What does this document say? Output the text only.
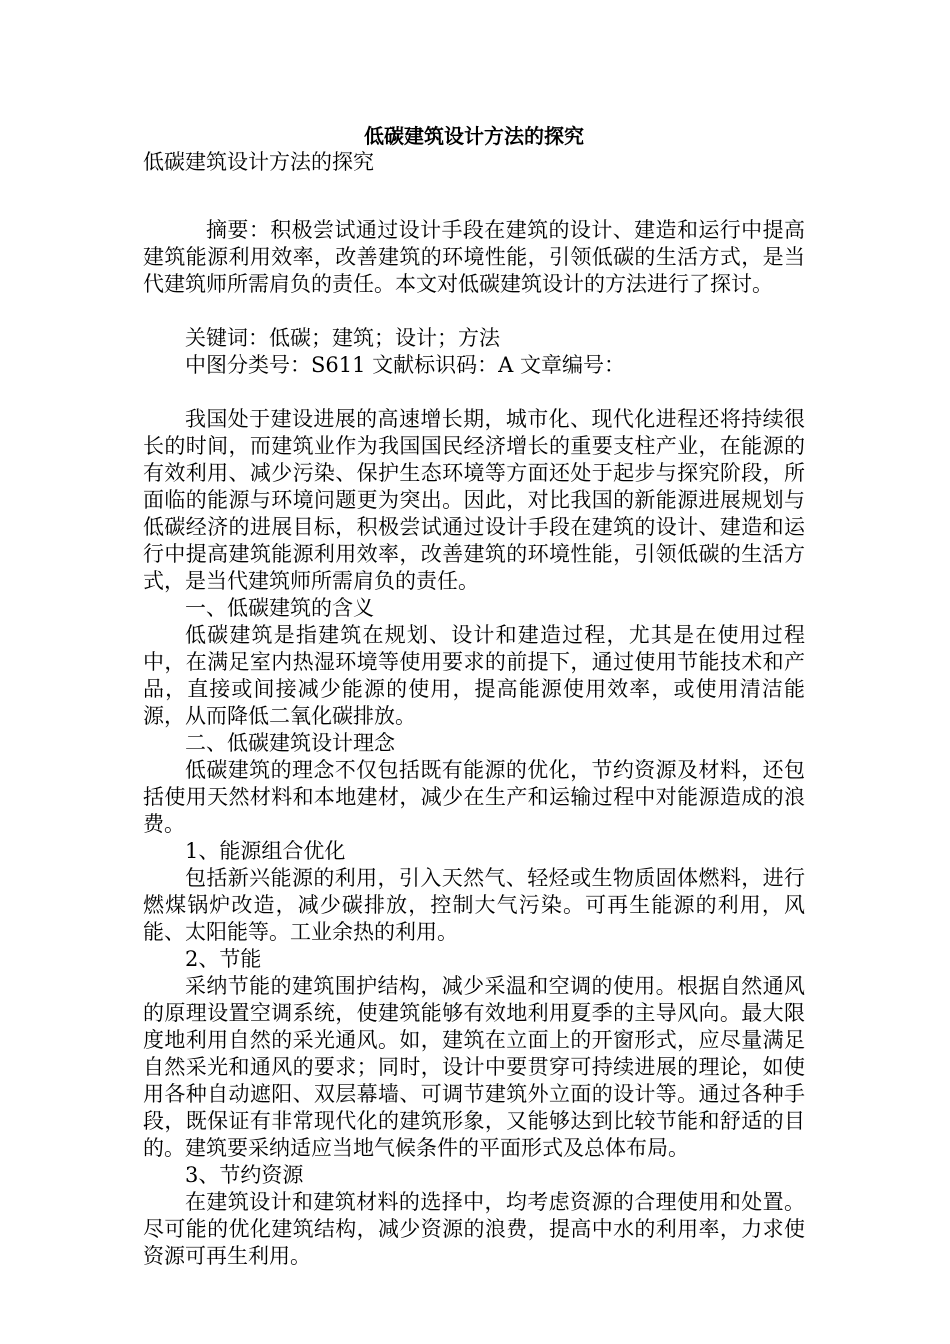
低碳建筑设计方法的探究

低碳建筑设计方法的探究

摘要：积极尝试通过设计手段在建筑的设计、建造和运行中提高建筑能源利用效率，改善建筑的环境性能，引领低碳的生活方式，是当代建筑师所需肩负的责任。本文对低碳建筑设计的方法进行了探讨。

关键词：低碳；建筑；设计；方法

中图分类号：S611 文献标识码：A 文章编号：

我国处于建设进展的高速增长期，城市化、现代化进程还将持续很长的时间，而建筑业作为我国国民经济增长的重要支柱产业，在能源的有效利用、减少污染、保护生态环境等方面还处于起步与探究阶段，所面临的能源与环境问题更为突出。因此，对比我国的新能源进展规划与低碳经济的进展目标，积极尝试通过设计手段在建筑的设计、建造和运行中提高建筑能源利用效率，改善建筑的环境性能，引领低碳的生活方式，是当代建筑师所需肩负的责任。

一、低碳建筑的含义

低碳建筑是指建筑在规划、设计和建造过程，尤其是在使用过程中，在满足室内热湿环境等使用要求的前提下，通过使用节能技术和产品，直接或间接减少能源的使用，提高能源使用效率，或使用清洁能源，从而降低二氧化碳排放。

二、低碳建筑设计理念

低碳建筑的理念不仅包括既有能源的优化，节约资源及材料，还包括使用天然材料和本地建材，减少在生产和运输过程中对能源造成的浪费。

1、能源组合优化

包括新兴能源的利用，引入天然气、轻烃或生物质固体燃料，进行燃煤锅炉改造，减少碳排放，控制大气污染。可再生能源的利用，风能、太阳能等。工业余热的利用。

2、节能

采纳节能的建筑围护结构，减少采温和空调的使用。根据自然通风的原理设置空调系统，使建筑能够有效地利用夏季的主导风向。最大限度地利用自然的采光通风。如，建筑在立面上的开窗形式，应尽量满足自然采光和通风的要求；同时，设计中要贯穿可持续进展的理论，如使用各种自动遮阳、双层幕墙、可调节建筑外立面的设计等。通过各种手段，既保证有非常现代化的建筑形象，又能够达到比较节能和舒适的目的。建筑要采纳适应当地气候条件的平面形式及总体布局。

3、节约资源

在建筑设计和建筑材料的选择中，均考虑资源的合理使用和处置。尽可能的优化建筑结构，减少资源的浪费，提高中水的利用率，力求使资源可再生利用。
